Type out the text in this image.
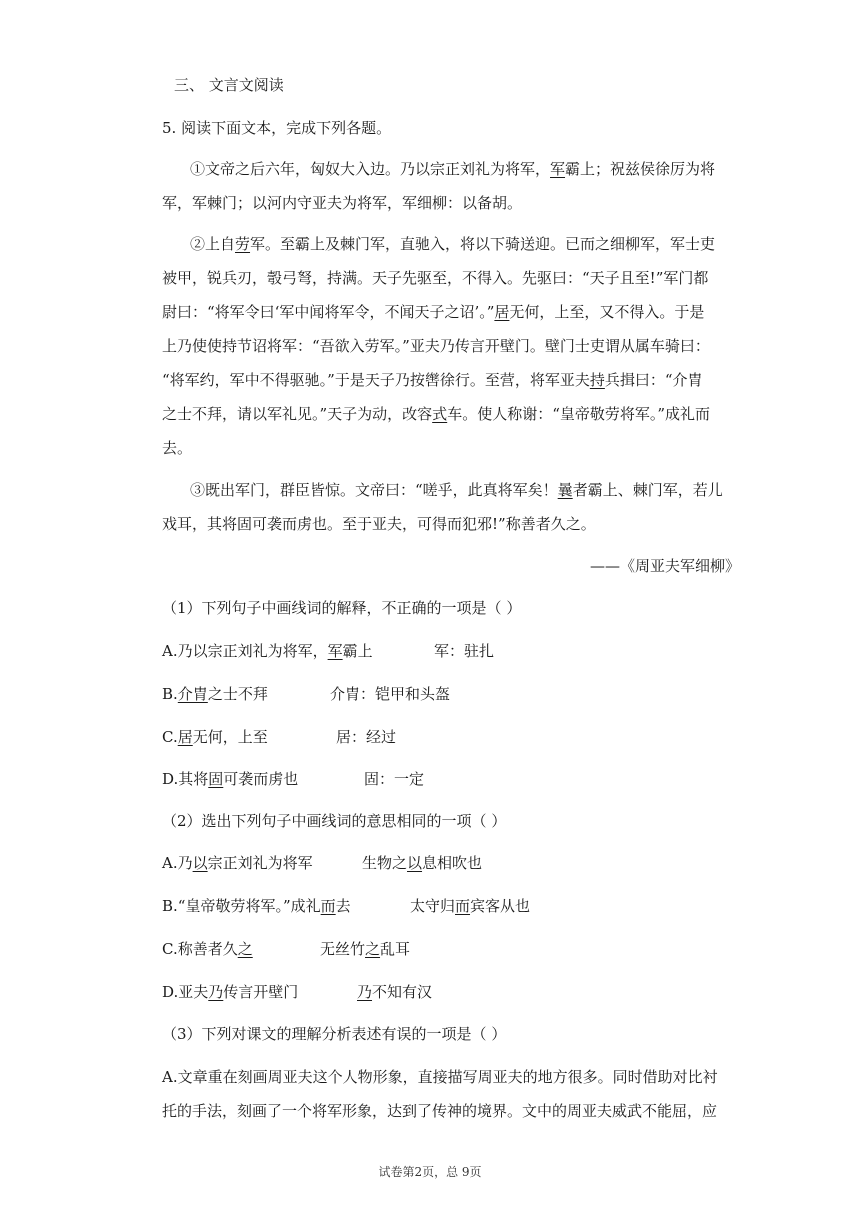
三、 文言文阅读
5. 阅读下面文本，完成下列各题。
①文帝之后六年，匈奴大入边。乃以宗正刘礼为将军，军霸上；祝兹侯徐厉为将
军，军棘门；以河内守亚夫为将军，军细柳：以备胡。
②上自劳军。至霸上及棘门军，直驰入，将以下骑送迎。已而之细柳军，军士吏
被甲，锐兵刃，彀弓弩，持满。天子先驱至，不得入。先驱曰：“天子且至!”军门都
尉曰：“将军令曰‘军中闻将军令，不闻天子之诏’。”居无何，上至，又不得入。于是
上乃使使持节诏将军：“吾欲入劳军。”亚夫乃传言开壁门。壁门士吏谓从属车骑曰：
“将军约，军中不得驱驰。”于是天子乃按辔徐行。至营，将军亚夫持兵揖曰：“介胄
之士不拜，请以军礼见。”天子为动，改容式车。使人称谢：“皇帝敬劳将军。”成礼而
去。
③既出军门，群臣皆惊。文帝曰：“嗟乎，此真将军矣！曩者霸上、棘门军，若儿
戏耳，其将固可袭而虏也。至于亚夫，可得而犯邪!”称善者久之。
——《周亚夫军细柳》
（1）下列句子中画线词的解释，不正确的一项是（ ）
A.乃以宗正刘礼为将军，军霸上	军：驻扎
B.介胄之士不拜	介胄：铠甲和头盔
C.居无何，上至	居：经过
D.其将固可袭而虏也	固：一定
（2）选出下列句子中画线词的意思相同的一项（ ）
A.乃以宗正刘礼为将军	生物之以息相吹也
B.“皇帝敬劳将军。”成礼而去	太守归而宾客从也
C.称善者久之	无丝竹之乱耳
D.亚夫乃传言开壁门	乃不知有汉
（3）下列对课文的理解分析表述有误的一项是（ ）
A.文章重在刻画周亚夫这个人物形象，直接描写周亚夫的地方很多。同时借助对比衬
托的手法，刻画了一个将军形象，达到了传神的境界。文中的周亚夫威武不能屈，应
试卷第2页，总 9页
